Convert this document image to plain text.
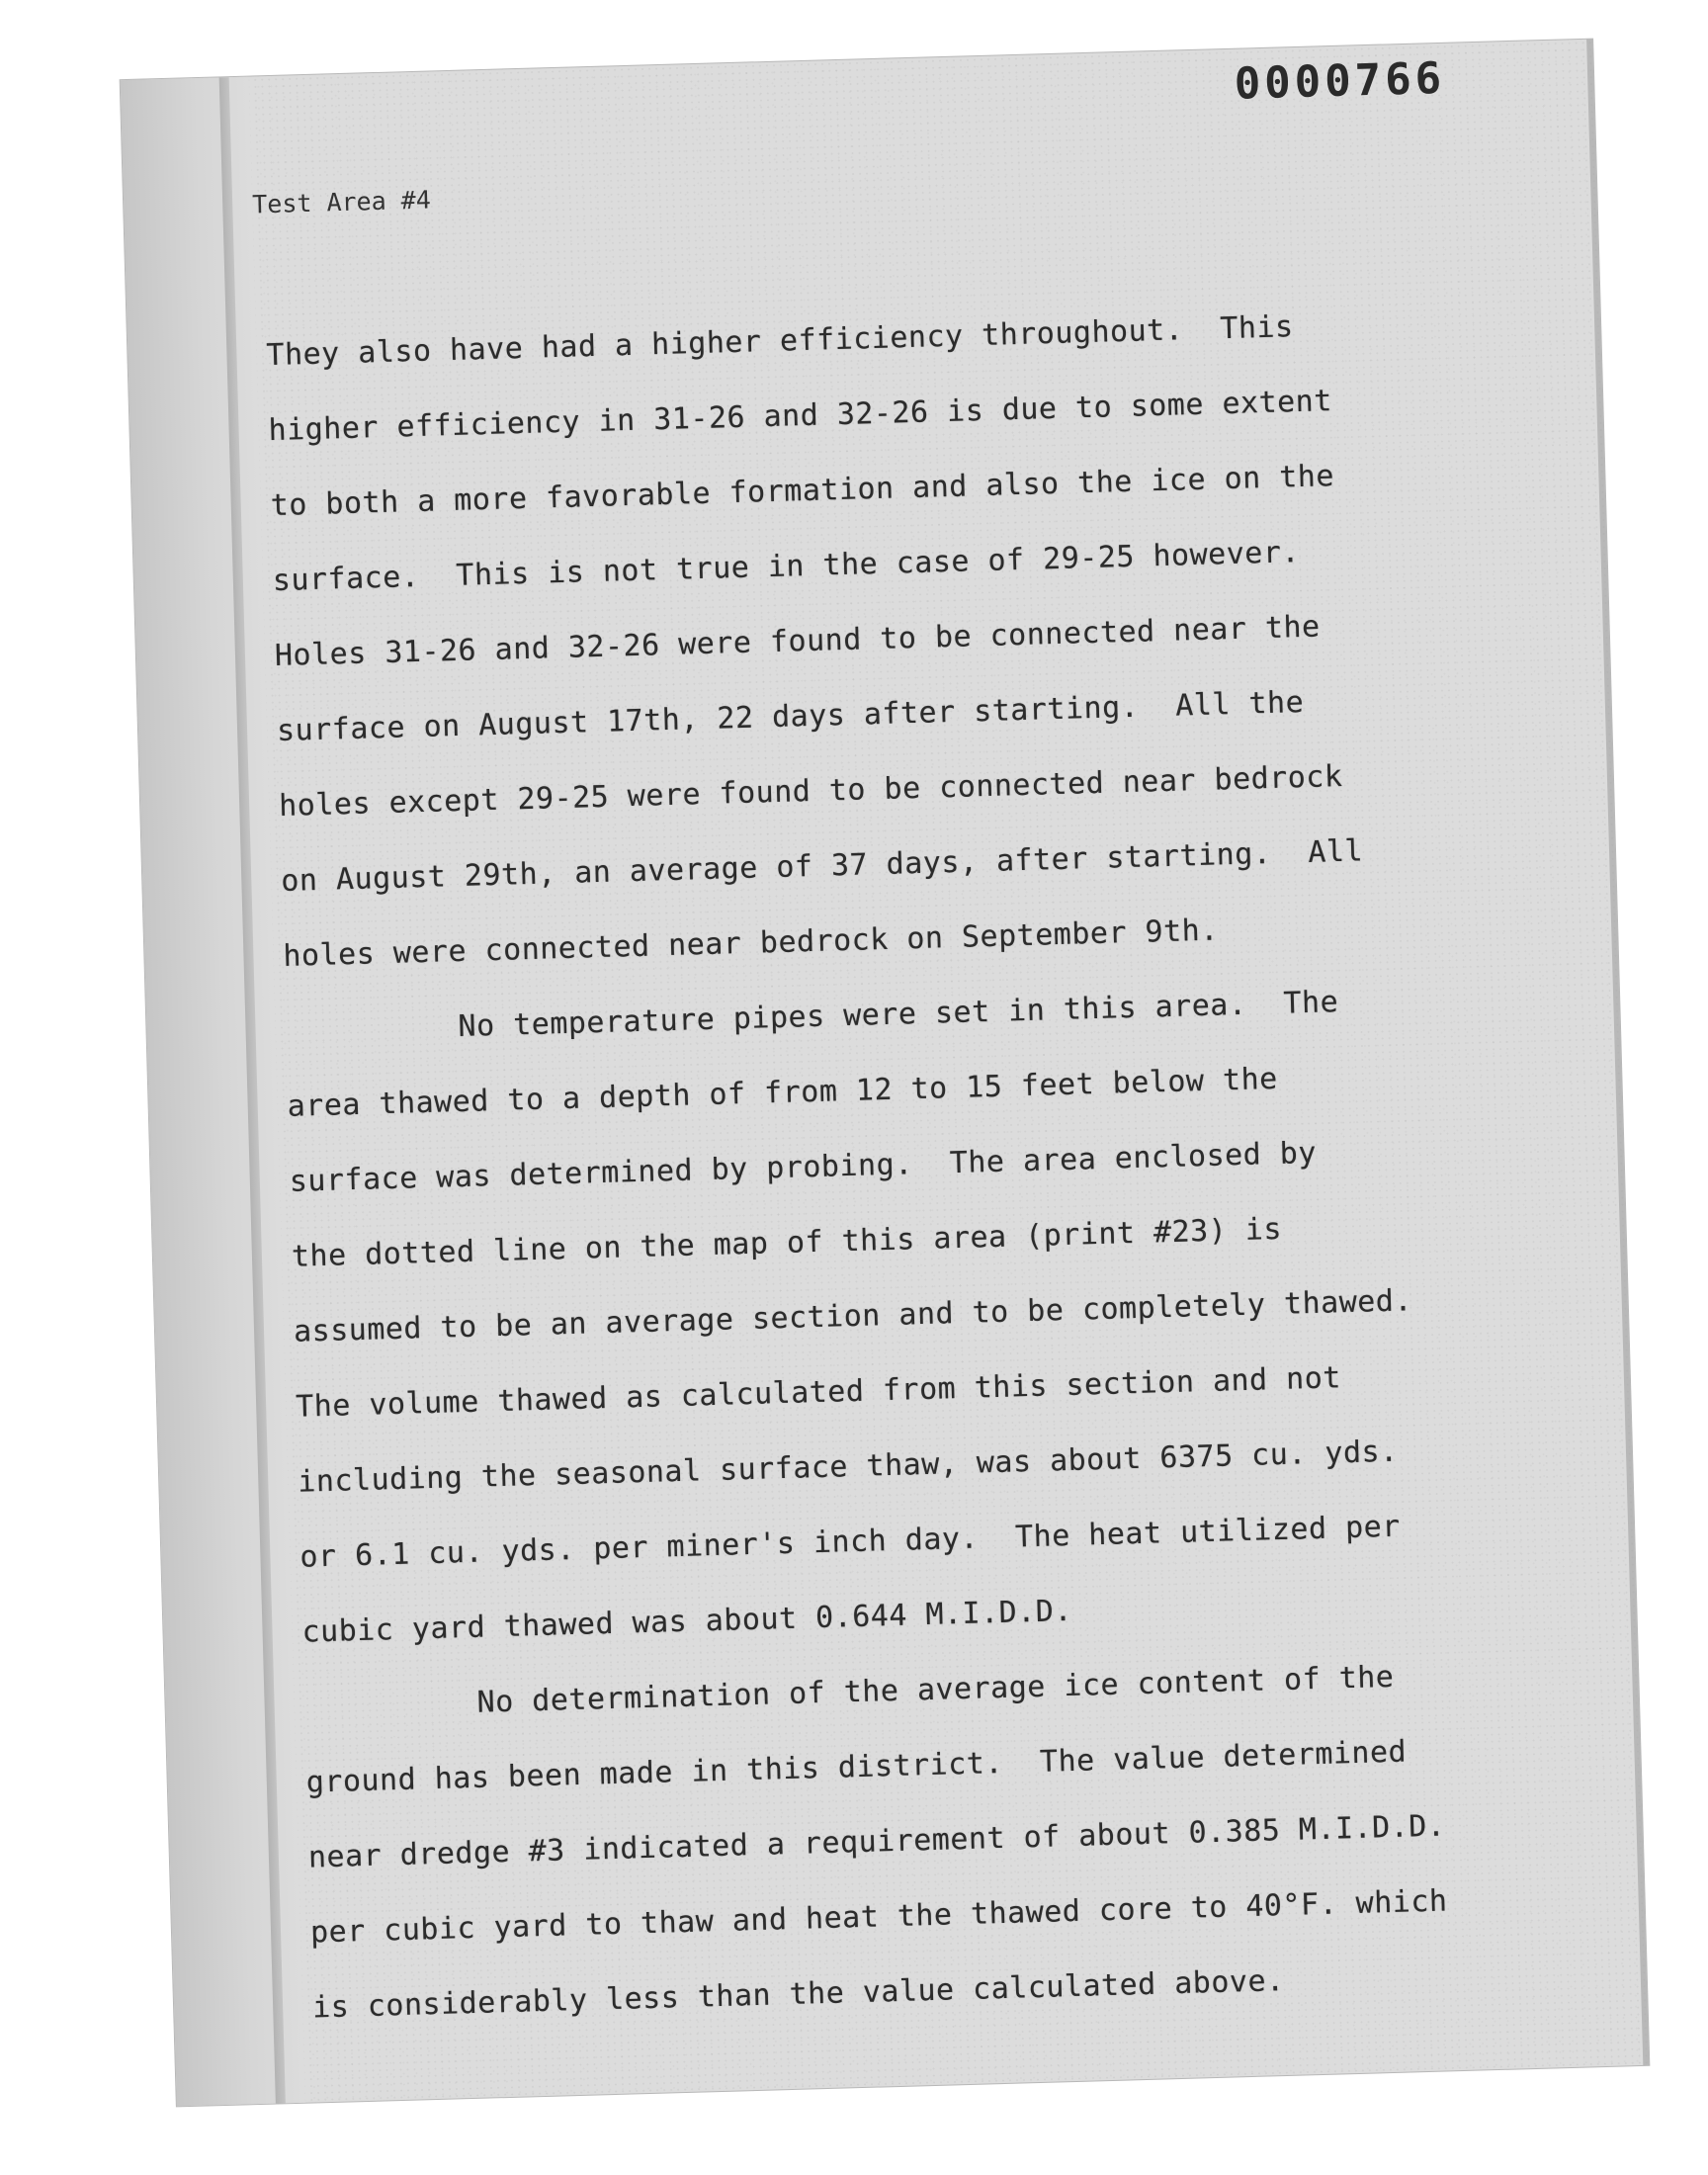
0000766
Test Area #4
They also have had a higher efficiency throughout.  This
higher efficiency in 31-26 and 32-26 is due to some extent
to both a more favorable formation and also the ice on the
surface.  This is not true in the case of 29-25 however.
Holes 31-26 and 32-26 were found to be connected near the
surface on August 17th, 22 days after starting.  All the
holes except 29-25 were found to be connected near bedrock
on August 29th, an average of 37 days, after starting.  All
holes were connected near bedrock on September 9th.
No temperature pipes were set in this area.  The
area thawed to a depth of from 12 to 15 feet below the
surface was determined by probing.  The area enclosed by
the dotted line on the map of this area (print #23) is
assumed to be an average section and to be completely thawed.
The volume thawed as calculated from this section and not
including the seasonal surface thaw, was about 6375 cu. yds.
or 6.1 cu. yds. per miner's inch day.  The heat utilized per
cubic yard thawed was about 0.644 M.I.D.D.
No determination of the average ice content of the
ground has been made in this district.  The value determined
near dredge #3 indicated a requirement of about 0.385 M.I.D.D.
per cubic yard to thaw and heat the thawed core to 40°F. which
is considerably less than the value calculated above.
